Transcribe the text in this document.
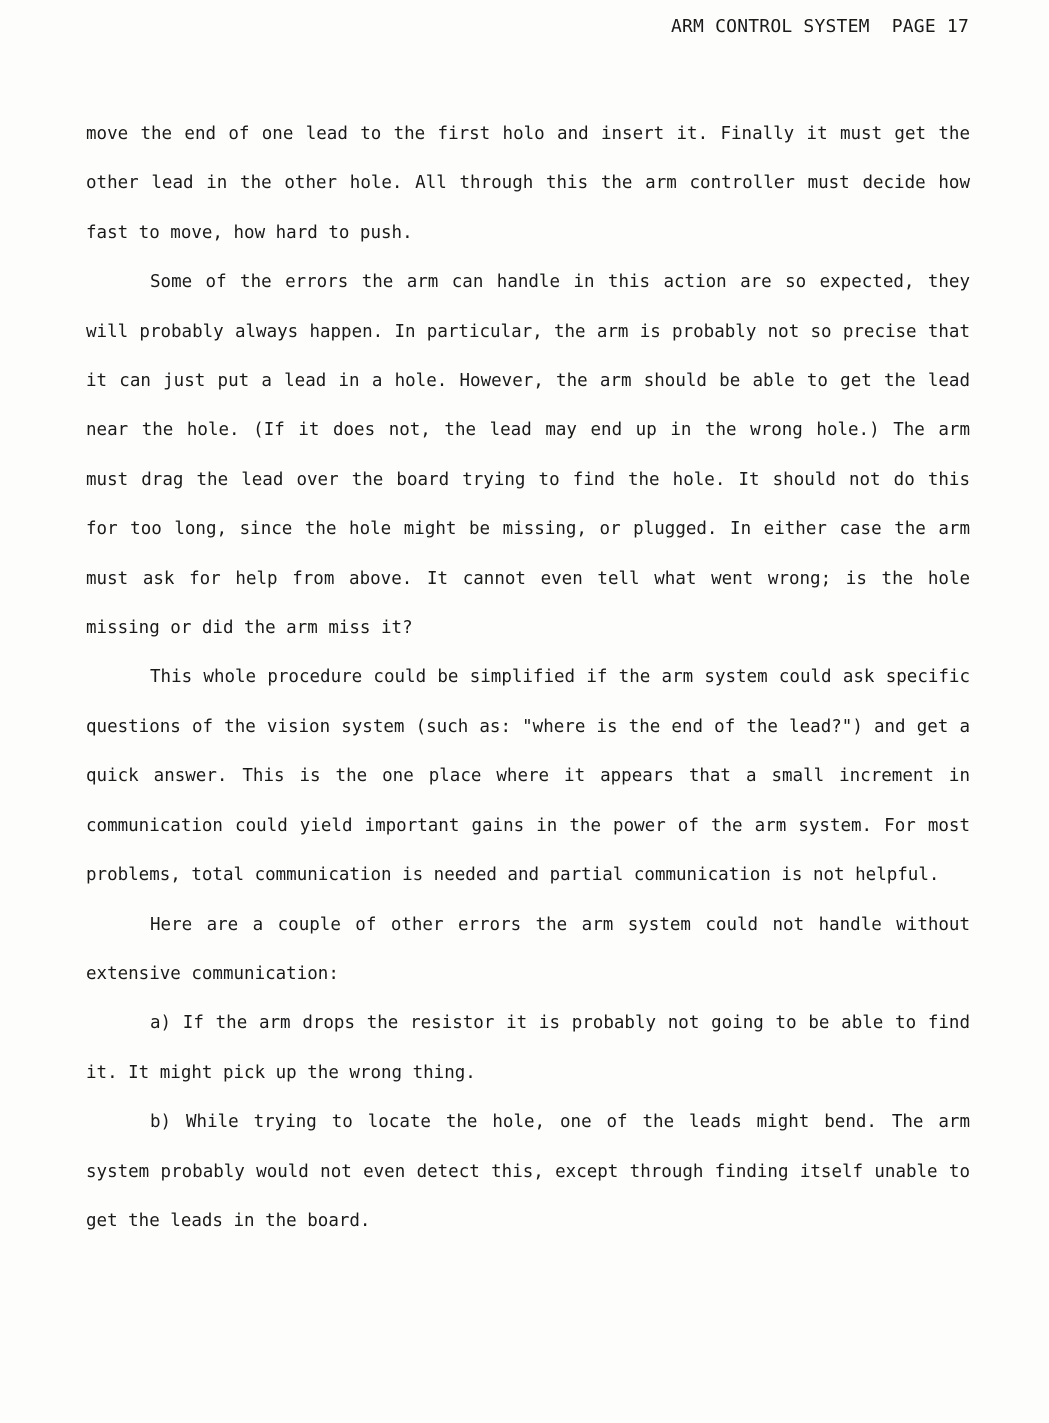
ARM CONTROL SYSTEM PAGE 17

move the end of one lead to the first holo and insert it. Finally it must get the other lead in the other hole. All through this the arm controller must decide how fast to move, how hard to push.

Some of the errors the arm can handle in this action are so expected, they will probably always happen. In particular, the arm is probably not so precise that it can just put a lead in a hole. However, the arm should be able to get the lead near the hole. (If it does not, the lead may end up in the wrong hole.) The arm must drag the lead over the board trying to find the hole. It should not do this for too long, since the hole might be missing, or plugged. In either case the arm must ask for help from above. It cannot even tell what went wrong; is the hole missing or did the arm miss it?

This whole procedure could be simplified if the arm system could ask specific questions of the vision system (such as: "where is the end of the lead?") and get a quick answer. This is the one place where it appears that a small increment in communication could yield important gains in the power of the arm system. For most problems, total communication is needed and partial communication is not helpful.

Here are a couple of other errors the arm system could not handle without extensive communication:

a) If the arm drops the resistor it is probably not going to be able to find it. It might pick up the wrong thing.

b) While trying to locate the hole, one of the leads might bend. The arm system probably would not even detect this, except through finding itself unable to get the leads in the board.
